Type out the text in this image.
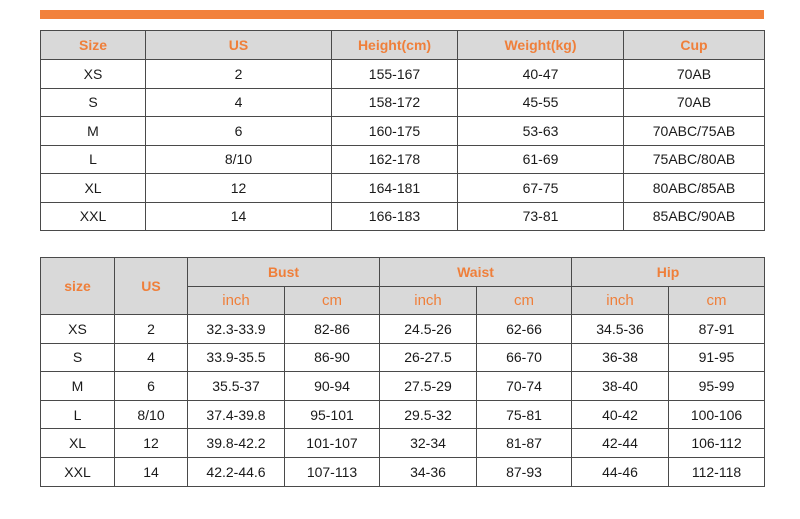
Size	US	Height(cm)	Weight(kg)	Cup
XS	2	155-167	40-47	70AB
S	4	158-172	45-55	70AB
M	6	160-175	53-63	70ABC/75AB
L	8/10	162-178	61-69	75ABC/80AB
XL	12	164-181	67-75	80ABC/85AB
XXL	14	166-183	73-81	85ABC/90AB
size	US	Bust		Waist		Hip	
		inch	cm	inch	cm	inch	cm
XS	2	32.3-33.9	82-86	24.5-26	62-66	34.5-36	87-91
S	4	33.9-35.5	86-90	26-27.5	66-70	36-38	91-95
M	6	35.5-37	90-94	27.5-29	70-74	38-40	95-99
L	8/10	37.4-39.8	95-101	29.5-32	75-81	40-42	100-106
XL	12	39.8-42.2	101-107	32-34	81-87	42-44	106-112
XXL	14	42.2-44.6	107-113	34-36	87-93	44-46	112-118
